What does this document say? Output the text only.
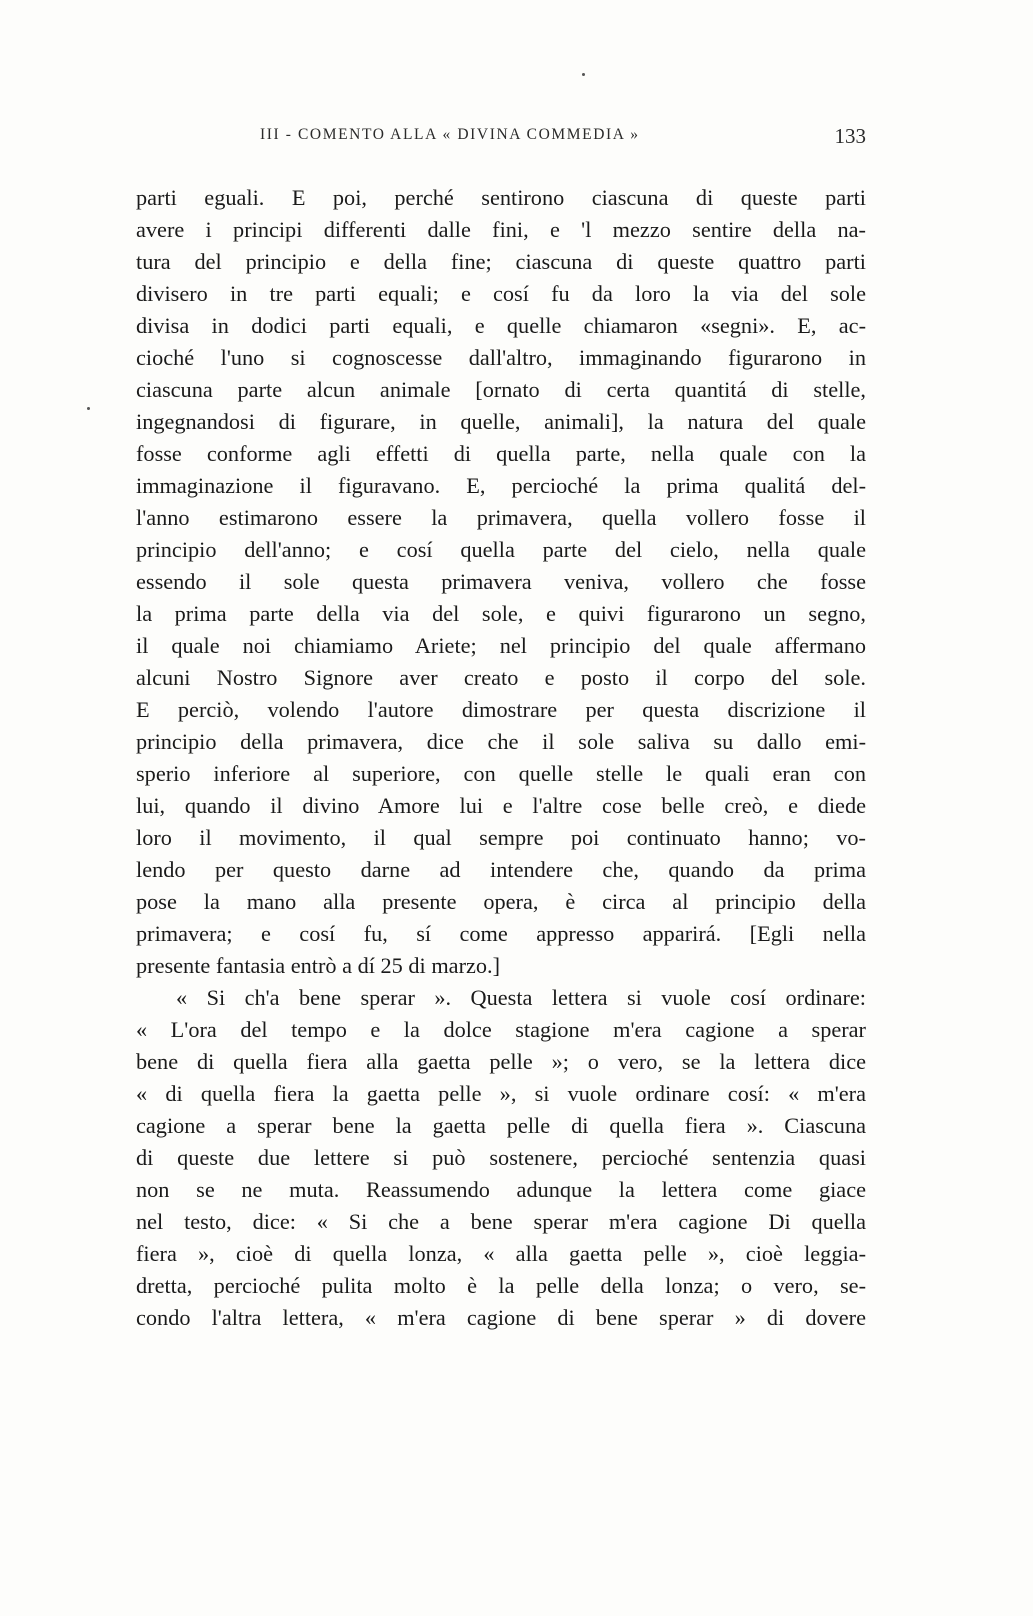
III - COMENTO ALLA « DIVINA COMMEDIA »	133
parti eguali. E poi, perché sentirono ciascuna di queste parti
avere i principi differenti dalle fini, e 'l mezzo sentire della na-
tura del principio e della fine; ciascuna di queste quattro parti
divisero in tre parti equali; e cosí fu da loro la via del sole
divisa in dodici parti equali, e quelle chiamaron «segni». E, ac-
cioché l'uno si cognoscesse dall'altro, immaginando figurarono in
ciascuna parte alcun animale [ornato di certa quantitá di stelle,
ingegnandosi di figurare, in quelle, animali], la natura del quale
fosse conforme agli effetti di quella parte, nella quale con la
immaginazione il figuravano. E, percioché la prima qualitá del-
l'anno estimarono essere la primavera, quella vollero fosse il
principio dell'anno; e cosí quella parte del cielo, nella quale
essendo il sole questa primavera veniva, vollero che fosse
la prima parte della via del sole, e quivi figurarono un segno,
il quale noi chiamiamo Ariete; nel principio del quale affermano
alcuni Nostro Signore aver creato e posto il corpo del sole.
E perciò, volendo l'autore dimostrare per questa discrizione il
principio della primavera, dice che il sole saliva su dallo emi-
sperio inferiore al superiore, con quelle stelle le quali eran con
lui, quando il divino Amore lui e l'altre cose belle creò, e diede
loro il movimento, il qual sempre poi continuato hanno; vo-
lendo per questo darne ad intendere che, quando da prima
pose la mano alla presente opera, è circa al principio della
primavera; e cosí fu, sí come appresso apparirá. [Egli nella
presente fantasia entrò a dí 25 di marzo.]
« Si ch'a bene sperar ». Questa lettera si vuole cosí ordinare:
« L'ora del tempo e la dolce stagione m'era cagione a sperar
bene di quella fiera alla gaetta pelle »; o vero, se la lettera dice
« di quella fiera la gaetta pelle », si vuole ordinare cosí: « m'era
cagione a sperar bene la gaetta pelle di quella fiera ». Ciascuna
di queste due lettere si può sostenere, percioché sentenzia quasi
non se ne muta. Reassumendo adunque la lettera come giace
nel testo, dice: « Si che a bene sperar m'era cagione Di quella
fiera », cioè di quella lonza, « alla gaetta pelle », cioè leggia-
dretta, percioché pulita molto è la pelle della lonza; o vero, se-
condo l'altra lettera, « m'era cagione di bene sperar » di dovere
